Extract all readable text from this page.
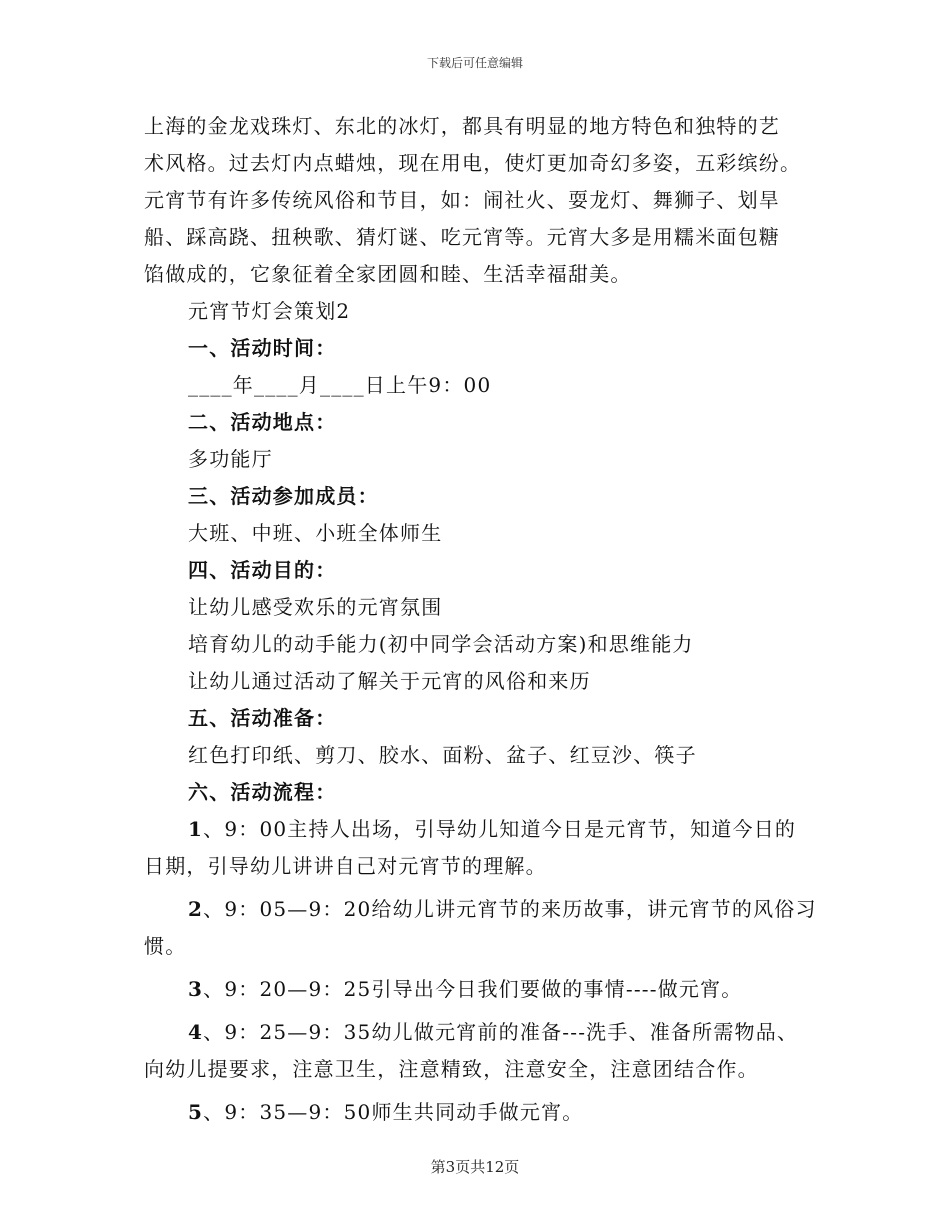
下载后可任意编辑
上海的金龙戏珠灯、东北的冰灯，都具有明显的地方特色和独特的艺
术风格。过去灯内点蜡烛，现在用电，使灯更加奇幻多姿，五彩缤纷。
元宵节有许多传统风俗和节目，如：闹社火、耍龙灯、舞狮子、划旱
船、踩高跷、扭秧歌、猜灯谜、吃元宵等。元宵大多是用糯米面包糖
馅做成的，它象征着全家团圆和睦、生活幸福甜美。
元宵节灯会策划2
一、活动时间：
____年____月____日上午9：00
二、活动地点：
多功能厅
三、活动参加成员：
大班、中班、小班全体师生
四、活动目的：
让幼儿感受欢乐的元宵氛围
培育幼儿的动手能力(初中同学会活动方案)和思维能力
让幼儿通过活动了解关于元宵的风俗和来历
五、活动准备：
红色打印纸、剪刀、胶水、面粉、盆子、红豆沙、筷子
六、活动流程：
1、9：00主持人出场，引导幼儿知道今日是元宵节，知道今日的
日期，引导幼儿讲讲自己对元宵节的理解。
2、9：05—9：20给幼儿讲元宵节的来历故事，讲元宵节的风俗习
惯。
3、9：20—9：25引导出今日我们要做的事情----做元宵。
4、9：25—9：35幼儿做元宵前的准备---洗手、准备所需物品、
向幼儿提要求，注意卫生，注意精致，注意安全，注意团结合作。
5、9：35—9：50师生共同动手做元宵。
第3页共12页
